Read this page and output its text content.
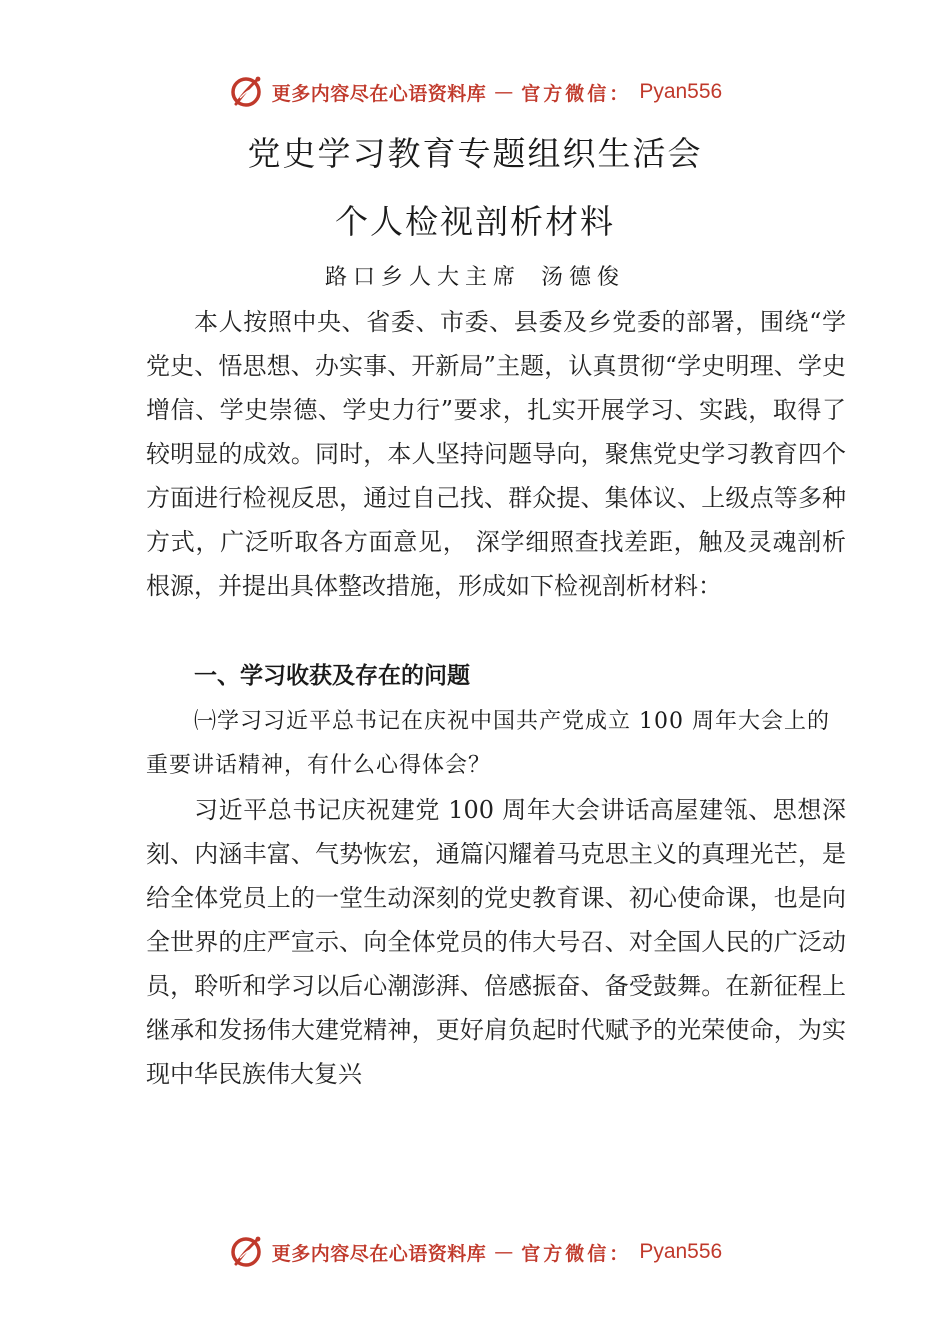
更多内容尽在心语资料库 — 官方微信： Pyan556
党史学习教育专题组织生活会
个人检视剖析材料
路口乡人大主席 汤德俊

本人按照中央、省委、市委、县委及乡党委的部署，围绕“学党史、悟思想、办实事、开新局”主题，认真贯彻“学史明理、学史增信、学史崇德、学史力行”要求，扎实开展学习、实践，取得了较明显的成效。同时，本人坚持问题导向，聚焦党史学习教育四个方面进行检视反思，通过自己找、群众提、集体议、上级点等多种方式，广泛听取各方面意见， 深学细照查找差距，触及灵魂剖析根源，并提出具体整改措施，形成如下检视剖析材料：

一、学习收获及存在的问题

㈠学习习近平总书记在庆祝中国共产党成立 100 周年大会上的重要讲话精神，有什么心得体会？

习近平总书记庆祝建党 100 周年大会讲话高屋建瓴、思想深刻、内涵丰富、气势恢宏，通篇闪耀着马克思主义的真理光芒，是给全体党员上的一堂生动深刻的党史教育课、初心使命课，也是向全世界的庄严宣示、向全体党员的伟大号召、对全国人民的广泛动员，聆听和学习以后心潮澎湃、倍感振奋、备受鼓舞。在新征程上继承和发扬伟大建党精神，更好肩负起时代赋予的光荣使命，为实现中华民族伟大复兴

更多内容尽在心语资料库 — 官方微信： Pyan556
